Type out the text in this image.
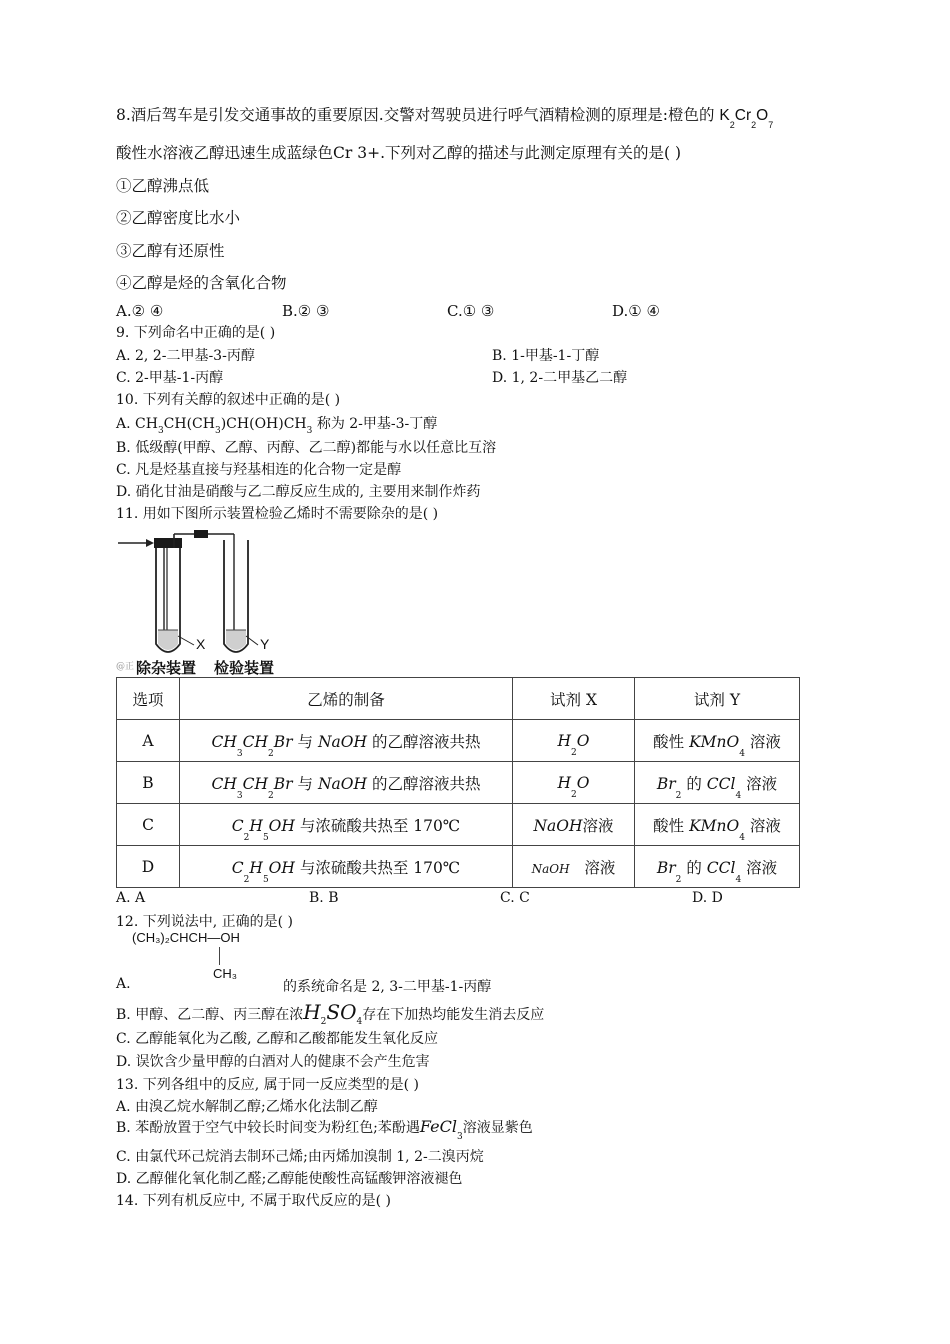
8.酒后驾车是引发交通事故的重要原因.交警对驾驶员进行呼气酒精检测的原理是:橙色的 $K_2Cr_2O_7$
酸性水溶液乙醇迅速生成蓝绿色Cr 3+.下列对乙醇的描述与此测定原理有关的是( )
①乙醇沸点低
②乙醇密度比水小
③乙醇有还原性
④乙醇是烃的含氧化合物
A.② ④	B.② ③	C.① ③	D.① ④
9. 下列命名中正确的是( )
A. 2, 2-二甲基-3-丙醇	B. 1-甲基-1-丁醇
C. 2-甲基-1-丙醇	D. 1, 2-二甲基乙二醇
10. 下列有关醇的叙述中正确的是( )
A. $CH_3CH(CH_3)CH(OH)CH_3$ 称为 2-甲基-3-丁醇
B. 低级醇(甲醇、乙醇、丙醇、乙二醇)都能与水以任意比互溶
C. 凡是烃基直接与羟基相连的化合物一定是醇
D. 硝化甘油是硝酸与乙二醇反应生成的, 主要用来制作炸药
11. 用如下图所示装置检验乙烯时不需要除杂的是( )
X	Y
@正 除杂装置 检验装置
选项	乙烯的制备	试剂 X	试剂 Y
A	$CH_3CH_2Br$ 与 NaOH 的乙醇溶液共热	$H_2O$	酸性 KMnO$_4$ 溶液
B	$CH_3CH_2Br$ 与 NaOH 的乙醇溶液共热	$H_2O$	$Br_2$ 的 CCl$_4$ 溶液
C	$C_2H_5OH$ 与浓硫酸共热至 170℃	NaOH溶液	酸性 KMnO$_4$ 溶液
D	$C_2H_5OH$ 与浓硫酸共热至 170℃	NaOH 溶液	$Br_2$ 的 CCl$_4$ 溶液
A. A	B. B	C. C	D. D
12. 下列说法中, 正确的是( )
(CH₃)₂CHCH—OH
CH₃
A.	的系统命名是 2, 3-二甲基-1-丙醇
B. 甲醇、乙二醇、丙三醇在浓$H_2SO_4$存在下加热均能发生消去反应
C. 乙醇能氧化为乙酸, 乙醇和乙酸都能发生氧化反应
D. 误饮含少量甲醇的白酒对人的健康不会产生危害
13. 下列各组中的反应, 属于同一反应类型的是( )
A. 由溴乙烷水解制乙醇;乙烯水化法制乙醇
B. 苯酚放置于空气中较长时间变为粉红色;苯酚遇FeCl$_3$溶液显紫色
C. 由氯代环己烷消去制环己烯;由丙烯加溴制 1, 2-二溴丙烷
D. 乙醇催化氧化制乙醛;乙醇能使酸性高锰酸钾溶液褪色
14. 下列有机反应中, 不属于取代反应的是( )
